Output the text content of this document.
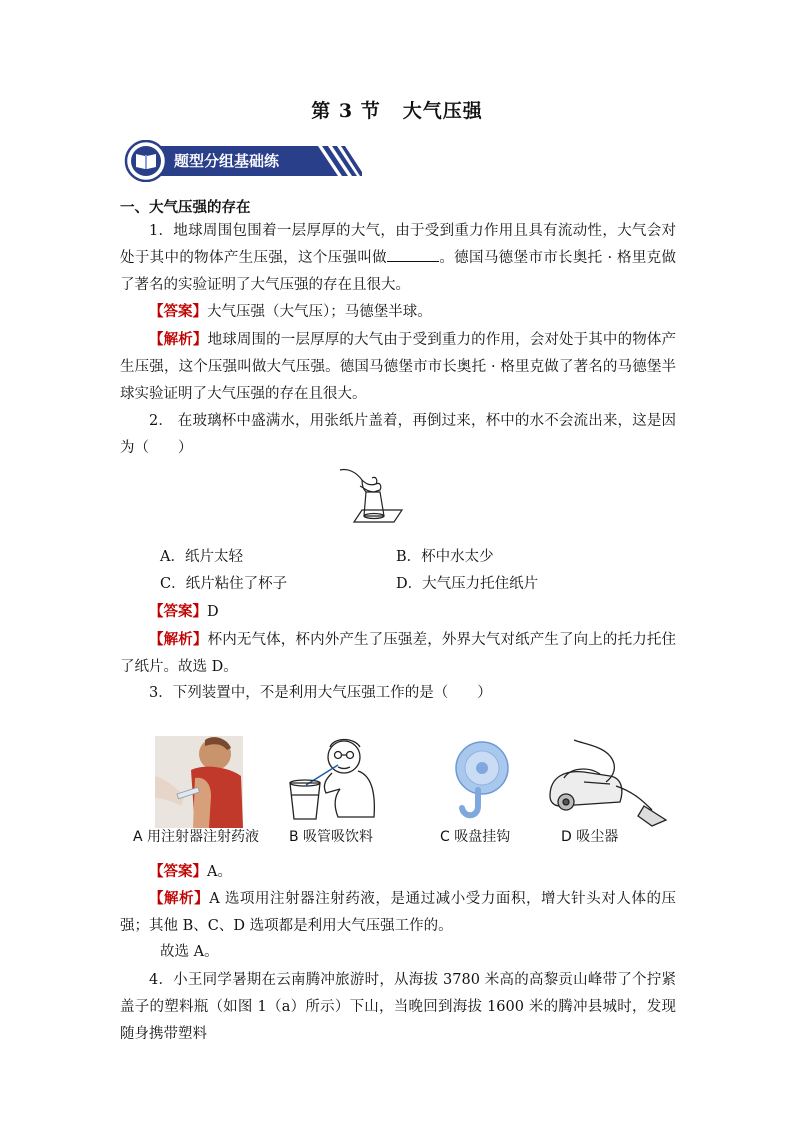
第 3 节 大气压强
题型分组基础练
一、大气压强的存在
1．地球周围包围着一层厚厚的大气，由于受到重力作用且具有流动性，大气会对处于其中的物体产生压强，这个压强叫做	。德国马德堡市市长奥托 · 格里克做了著名的实验证明了大气压强的存在且很大。
【答案】大气压强（大气压）；马德堡半球。
【解析】地球周围的一层厚厚的大气由于受到重力的作用，会对处于其中的物体产生压强，这个压强叫做大气压强。德国马德堡市市长奥托 · 格里克做了著名的马德堡半球实验证明了大气压强的存在且很大。
2． 在玻璃杯中盛满水，用张纸片盖着，再倒过来，杯中的水不会流出来，这是因为（　　）
A．纸片太轻	B．杯中水太少
C．纸片粘住了杯子	D．大气压力托住纸片
【答案】D
【解析】杯内无气体，杯内外产生了压强差，外界大气对纸产生了向上的托力托住了纸片。故选 D。
3．下列装置中，不是利用大气压强工作的是（　　）
A 用注射器注射药液 B 吸管吸饮料	C 吸盘挂钩	D 吸尘器
【答案】A。
【解析】A 选项用注射器注射药液，是通过减小受力面积，增大针头对人体的压强；其他 B、C、D 选项都是利用大气压强工作的。
故选 A。
4．小王同学暑期在云南腾冲旅游时，从海拔 3780 米高的高黎贡山峰带了个拧紧盖子的塑料瓶（如图 1（a）所示）下山，当晚回到海拔 1600 米的腾冲县城时，发现随身携带塑料
